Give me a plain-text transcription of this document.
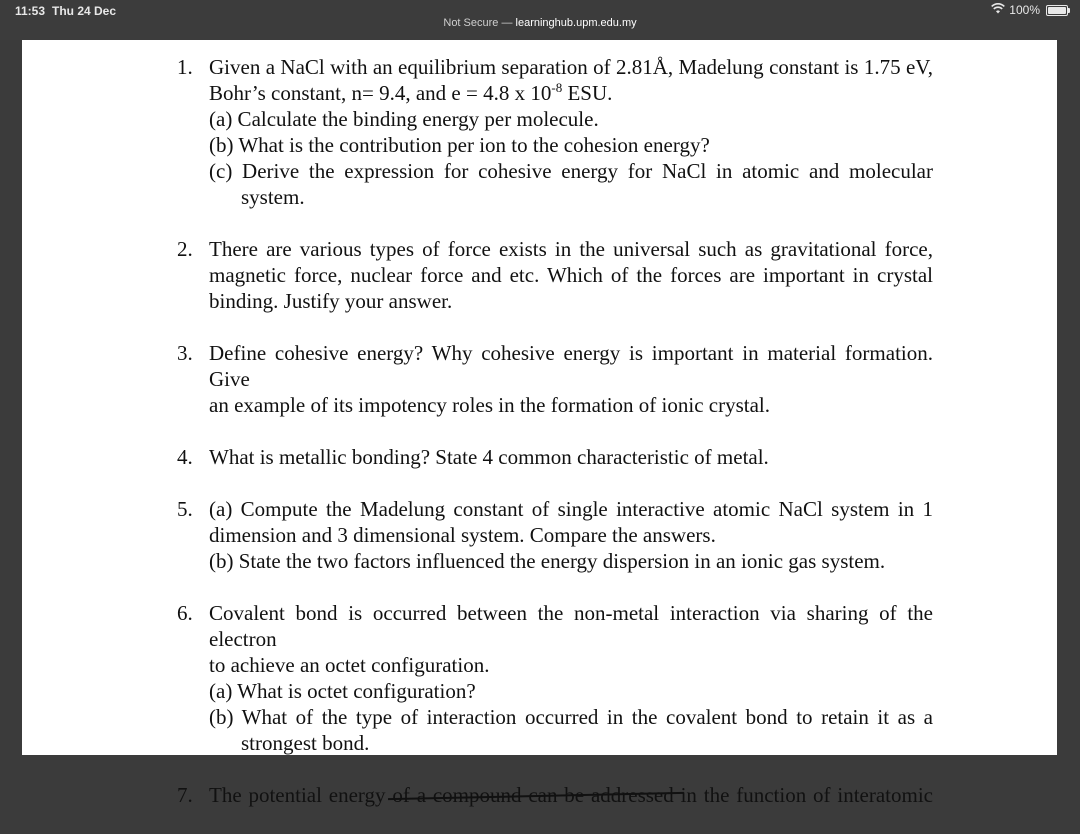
11:53 Thu 24 Dec	100%
Not Secure — learninghub.upm.edu.my
1. Given a NaCl with an equilibrium separation of 2.81Å, Madelung constant is 1.75 eV,
Bohr’s constant, n= 9.4, and e = 4.8 x $10^{-8}$ ESU.
(a) Calculate the binding energy per molecule.
(b) What is the contribution per ion to the cohesion energy?
(c) Derive the expression for cohesive energy for NaCl in atomic and molecular system.
2. There are various types of force exists in the universal such as gravitational force,
magnetic force, nuclear force and etc. Which of the forces are important in crystal
binding. Justify your answer.
3. Define cohesive energy? Why cohesive energy is important in material formation. Give
an example of its impotency roles in the formation of ionic crystal.
4. What is metallic bonding? State 4 common characteristic of metal.
5. (a) Compute the Madelung constant of single interactive atomic NaCl system in 1
dimension and 3 dimensional system. Compare the answers.
(b) State the two factors influenced the energy dispersion in an ionic gas system.
6. Covalent bond is occurred between the non-metal interaction via sharing of the electron
to achieve an octet configuration.
(a) What is octet configuration?
(b) What of the type of interaction occurred in the covalent bond to retain it as a strongest bond.
7. The potential energy of a compound can be addressed in the function of interatomic
